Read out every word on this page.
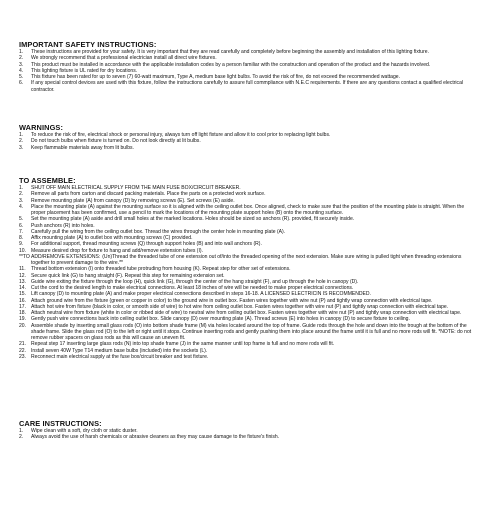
IMPORTANT SAFETY INSTRUCTIONS:
1. These instructions are provided for your safety. It is very important that they are read carefully and completely before beginning the assembly and installation of this lighting fixture.
2. We strongly recommend that a professional electrician install all direct wire fixtures.
3. This product must be installed in accordance with the applicable installation codes by a person familiar with the construction and operation of the product and the hazards involved.
4. This lighting fixture is UL rated for dry locations.
5. This fixture has been rated for up to seven (7) 60-watt maximum, Type A, medium base light bulbs. To avoid the risk of fire, do not exceed the recommended wattage.
6. If any special control devices are used with this fixture, follow the instructions carefully to assure full commpliance with N.E.C requirements. If there are any questions contact a qualified electrical contractor.
WARNINGS:
1. To reduce the risk of fire, electrical shock or personal injury, always turn off light fixture and allow it to cool prior to replacing light bulbs.
2. Do not touch bulbs when fixture is turned on. Do not look directly at lit bulbs.
3. Keep flammable materials away from lit bulbs.
TO ASSEMBLE:
1. SHUT OFF MAIN ELECTRICAL SUPPLY FROM THE MAIN FUSE BOX/CIRCUIT BREAKER.
2. Remove all parts from carton and discard packing materials. Place the parts on a protected work surface.
3. Remove mounting plate (A) from canopy (D) by removing screws (E). Set screws (E) aside.
4. Place the mounting plate (A) against the mounting surface so it is aligned with the ceiling outlet box. Once aligned, check to make sure that the position of the mounting plate is straight. When the proper placement has been confirmed, use a pencil to mark the locations of the mounting plate support holes (B) onto the mounting surface.
5. Set the mounting plate (A) aside and drill small holes at the marked locations. Holes should be sized so anchors (R). provided, fit securely inside.
6. Push anchors (R) into holes.
7. Carefully pull the wiring from the ceiling outlet box. Thread the wires through the center hole in mounting plate (A).
8. Affix mounting plate (A) to outlet box with mounting screws (C) provided.
9. For additional support, thread mounting screws (Q) through support holes (B) and into wall anchors (R).
10. Measure desired drop for fixture to hang and add/remove extension tubes (I).
**TO ADD/REMOVE EXTENSIONS: (Un)Thread the threaded tube of one extension out of/into the threaded opening of the next extension. Make sure wiring is pulled tight when threading extensions together to prevent damage to the wire.**
11. Thread bottom extension (I) onto threaded tube protruding from housing (K). Repeat step for other set of extensions.
12. Secure quick link (G) to hang straight (F). Repeat this step for remaining extension set.
13. Guide wire exiting the fixture through the loop (H), quick link (G), through the center of the hang straight (F), and up through the hole in canopy (D).
14. Cut the cord to the desired length to make electrical connections. At least 18 inches of wire will be needed to make proper electrical connections.
15. Lift canopy (D) to mounting plate (A) and make proper electrical connections described in steps 16-18. A LICENSED ELECTRICIN IS RECOMMENDED.
16. Attach ground wire from the fixture (green or copper in color) to the ground wire in outlet box. Fasten wires together with wire nut (P) and tightly wrap connection with electrical tape.
17. Attach hot wire from fixture (black in color, or smooth side of wire) to hot wire from ceiling outlet box. Fasten wires together with wire nut (P) and tightly wrap connection with electrical tape.
18. Attach neutral wire from fixture (white in color or ribbed side of wire) to neutral wire from ceiling outlet box. Fasten wires together with wire nut (P) and tightly wrap connection with electrical tape.
19. Gently push wire connections back into ceiling outlet box. Slide canopy (D) over mounting plate (A). Thread screws (E) into holes in canopy (D) to secure fixture to ceiling.
20. Assemble shade by inserting small glass rods (O) into bottom shade frame (M) via holes located around the top of frame. Guide rods through the hole and down into the trough at the bottom of the shade frame. Slide the glass rod (O) to the left or right until it stops. Continue inserting rods and gently pushing them into place around the frame until it is full and no more rods will fit. *NOTE: do not remove rubber spacers on glass rods as this will cause an uneven fit.
21. Repeat step 17 inserting large glass rods (N) into top shade frame (J) in the same manner until top frame is full and no more rods will fit.
22. Install seven 40W Type T14 medium base bulbs (included) into the sockets (L).
23. Reconnect main electrical supply at the fuse box/circuit breaker and test fixture.
CARE INSTRUCTIONS:
1. Wipe clean with a soft, dry cloth or static duster.
2. Always avoid the use of harsh chemicals or abrasive cleaners as they may cause damage to the fixture's finish.
